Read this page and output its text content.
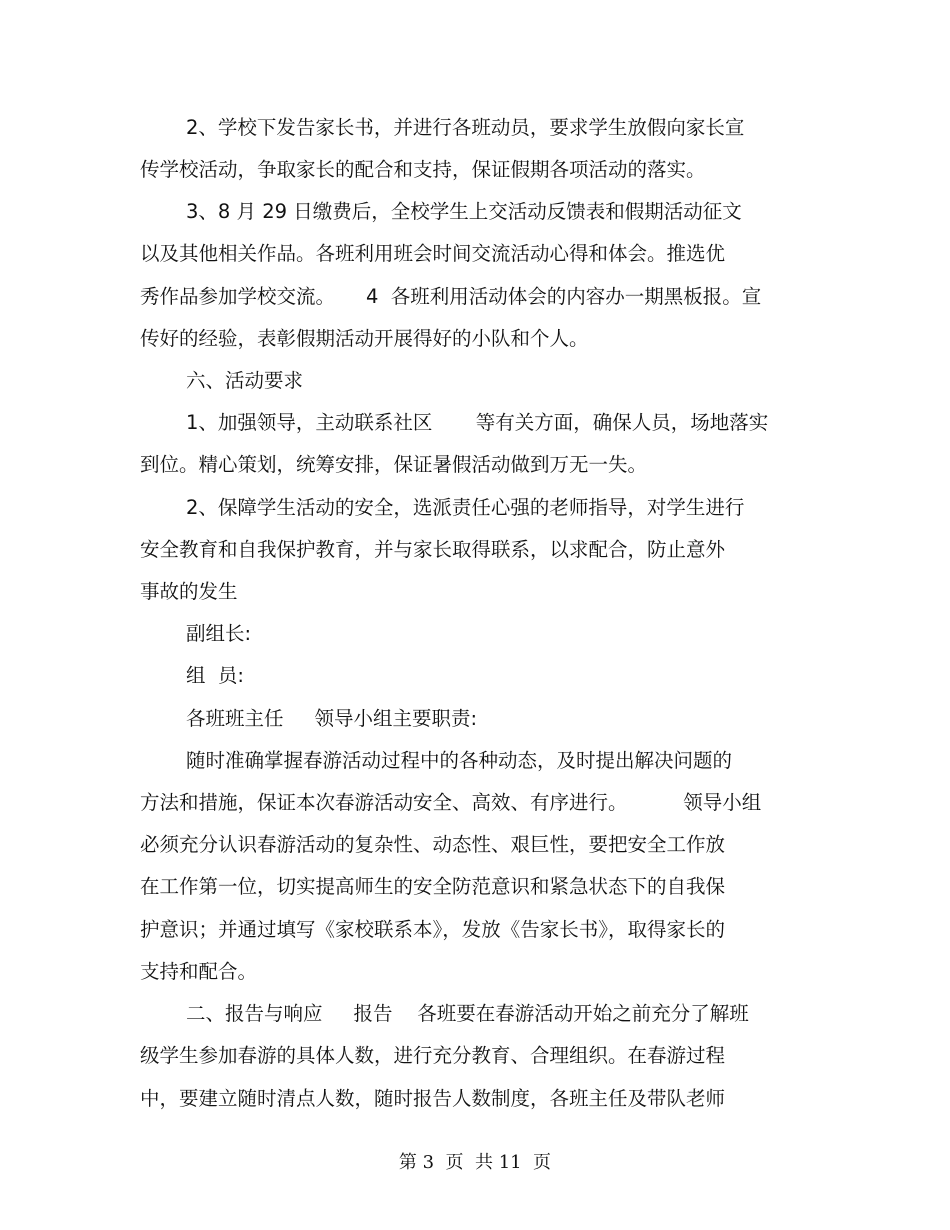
2、学校下发告家长书，并进行各班动员，要求学生放假向家长宣

传学校活动，争取家长的配合和支持，保证假期各项活动的落实。

3、8 月 29 日缴费后，全校学生上交活动反馈表和假期活动征文

以及其他相关作品。各班利用班会时间交流活动心得和体会。推选优

秀作品参加学校交流。     4  各班利用活动体会的内容办一期黑板报。宣

传好的经验，表彰假期活动开展得好的小队和个人。

六、活动要求

1、加强领导，主动联系社区       等有关方面，确保人员，场地落实

到位。精心策划，统筹安排，保证暑假活动做到万无一失。

2、保障学生活动的安全，选派责任心强的老师指导，对学生进行

安全教育和自我保护教育，并与家长取得联系，以求配合，防止意外

事故的发生

副组长:

组  员:

各班班主任     领导小组主要职责:

随时准确掌握春游活动过程中的各种动态，及时提出解决问题的

方法和措施，保证本次春游活动安全、高效、有序进行。         领导小组

必须充分认识春游活动的复杂性、动态性、艰巨性，要把安全工作放

在工作第一位，切实提高师生的安全防范意识和紧急状态下的自我保

护意识；并通过填写《家校联系本》，发放《告家长书》，取得家长的

支持和配合。

二、报告与响应     报告    各班要在春游活动开始之前充分了解班

级学生参加春游的具体人数，进行充分教育、合理组织。在春游过程

中，要建立随时清点人数，随时报告人数制度，各班主任及带队老师

第 3  页  共 11  页
